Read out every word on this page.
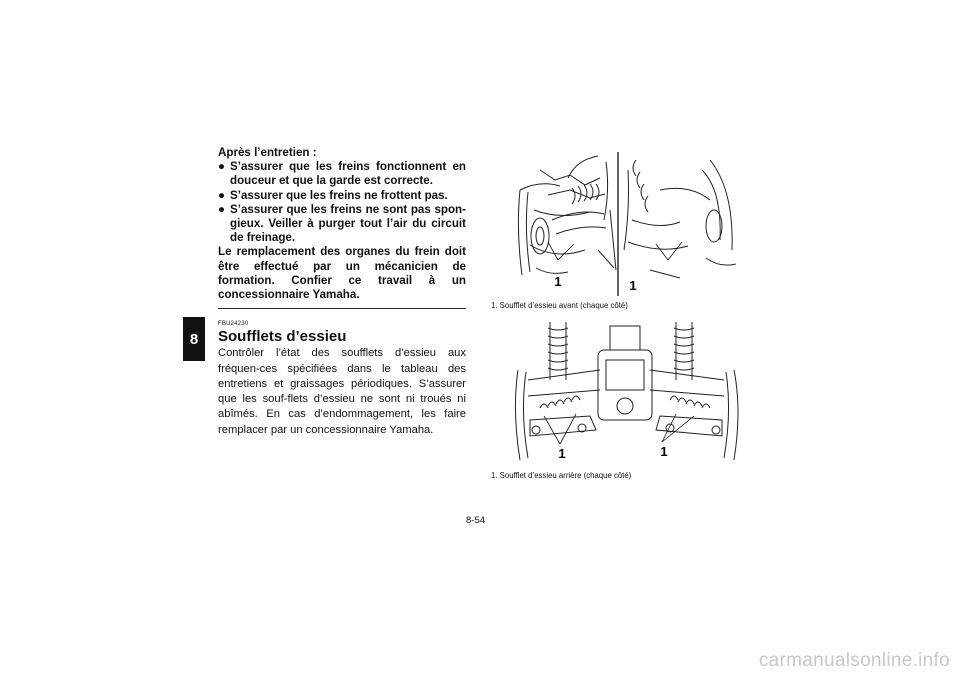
8
Après l’entretien :
● S’assurer que les freins fonctionnent en douceur et que la garde est correcte.
● S’assurer que les freins ne frottent pas.
● S’assurer que les freins ne sont pas spon-gieux. Veiller à purger tout l’air du circuit de freinage.
Le remplacement des organes du frein doit être effectué par un mécanicien de formation. Confier ce travail à un concessionnaire Yamaha.
FBU24230
Soufflets d’essieu
Contrôler l’état des soufflets d’essieu aux fréquen-ces spécifiées dans le tableau des entretiens et graissages périodiques. S’assurer que les souf-flets d’essieu ne sont ni troués ni abîmés. En cas d’endommagement, les faire remplacer par un concessionnaire Yamaha.
1	1
1. Soufflet d’essieu avant (chaque côté)
1	1
1. Soufflet d’essieu arrière (chaque côté)
8-54
carmanualsonline.info
